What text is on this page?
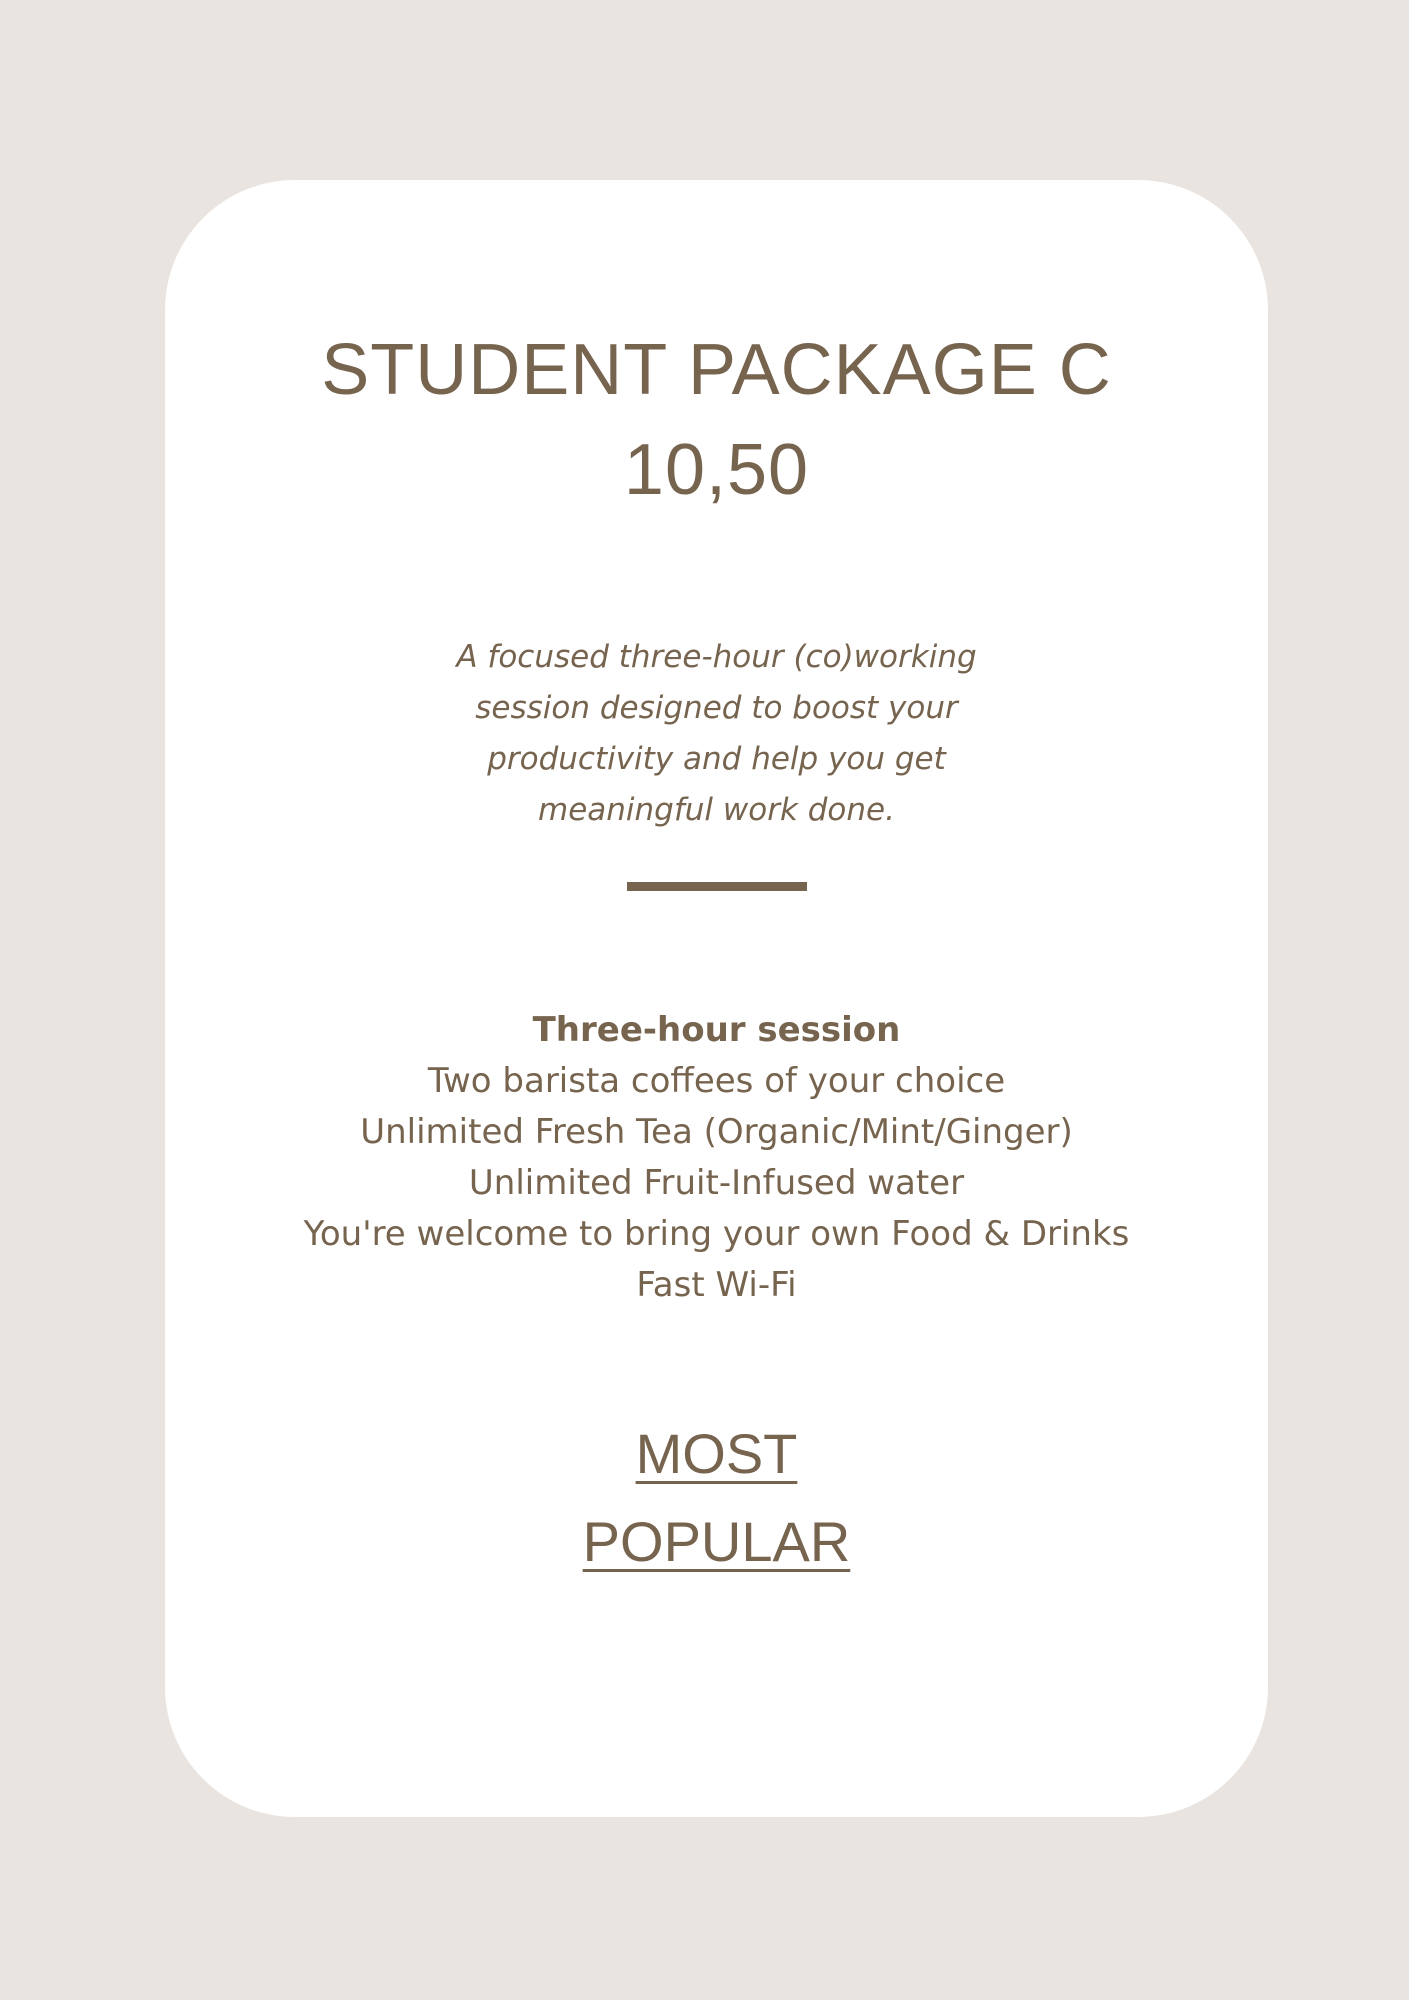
STUDENT PACKAGE C
10,50
A focused three-hour (co)working
session designed to boost your
productivity and help you get
meaningful work done.
Three-hour session
Two barista coffees of your choice
Unlimited Fresh Tea (Organic/Mint/Ginger)
Unlimited Fruit-Infused water
You're welcome to bring your own Food & Drinks
Fast Wi-Fi
MOST
POPULAR
